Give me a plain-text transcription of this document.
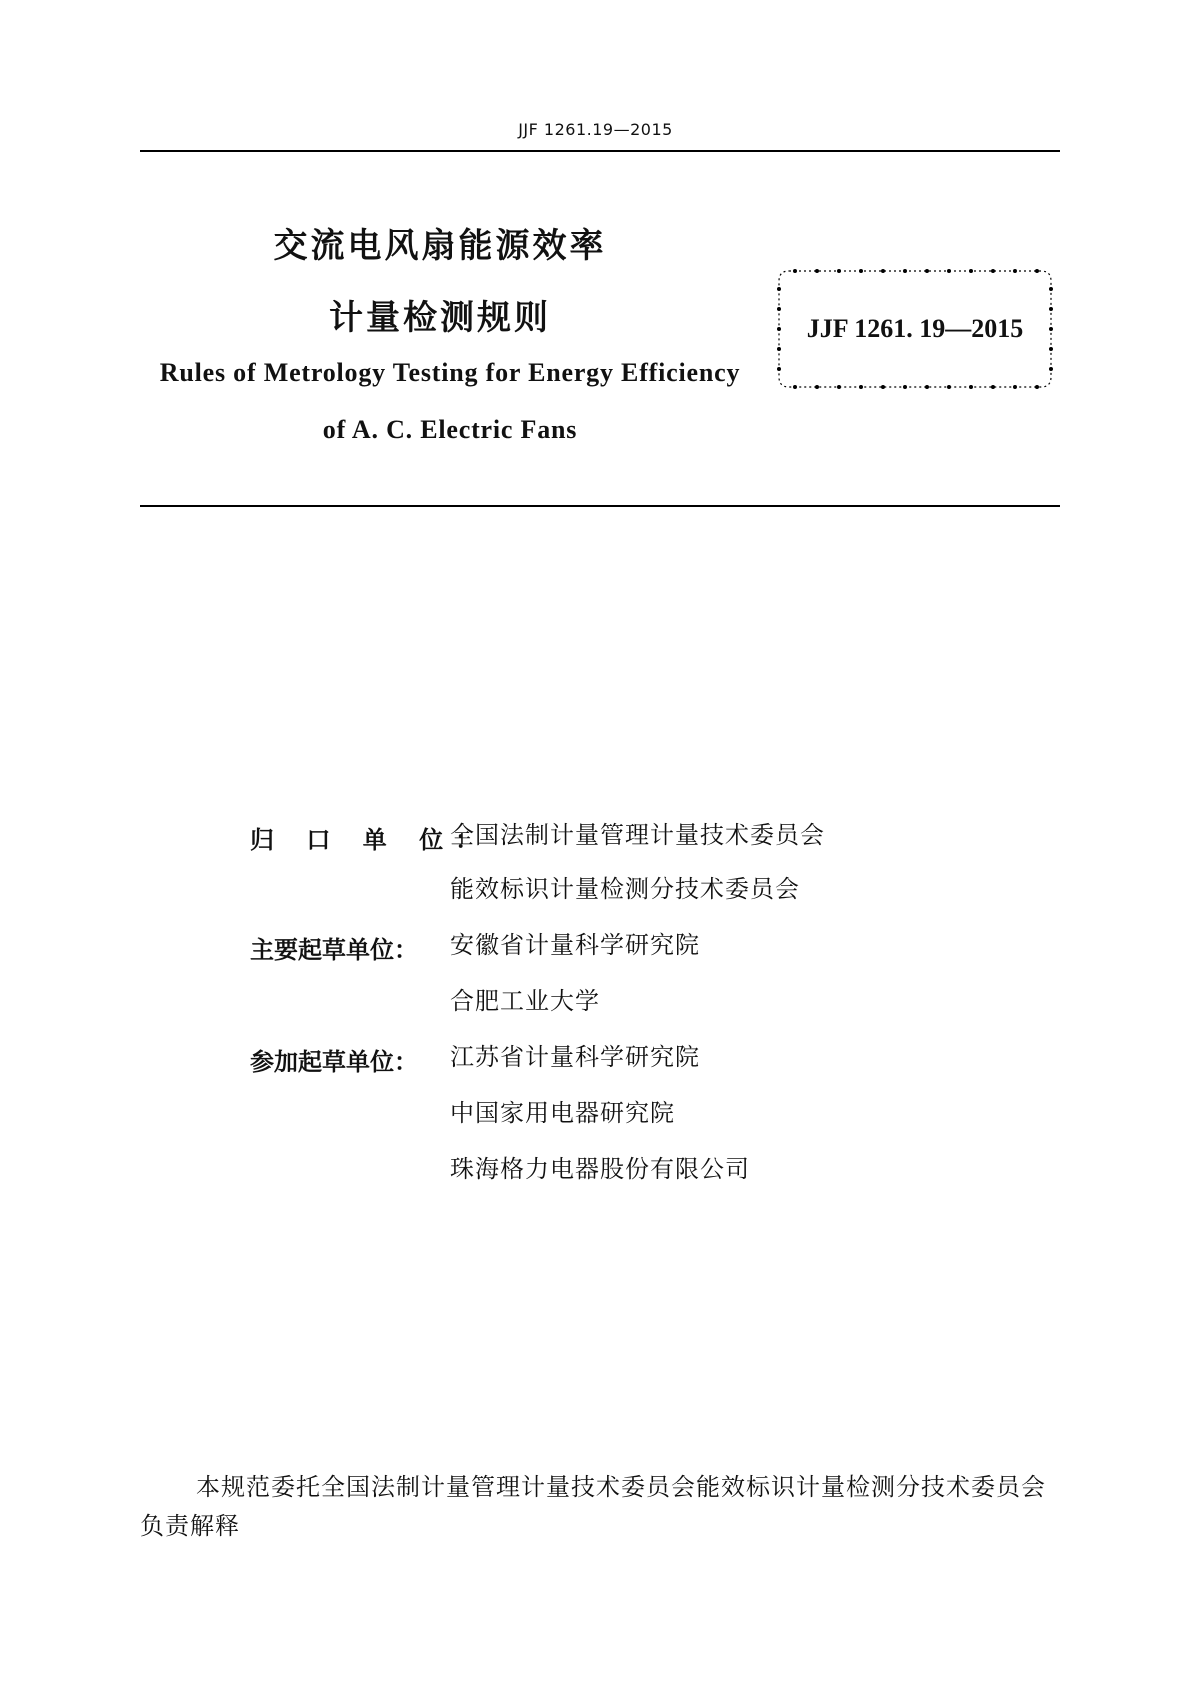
JJF 1261.19—2015
交流电风扇能源效率
计量检测规则
Rules of Metrology Testing for Energy Efficiency
of A. C. Electric Fans
JJF 1261. 19—2015
归 口 单 位：
全国法制计量管理计量技术委员会
能效标识计量检测分技术委员会
主要起草单位：	安徽省计量科学研究院
合肥工业大学
参加起草单位：	江苏省计量科学研究院
中国家用电器研究院
珠海格力电器股份有限公司
本规范委托全国法制计量管理计量技术委员会能效标识计量检测分技术委员会负责解释
